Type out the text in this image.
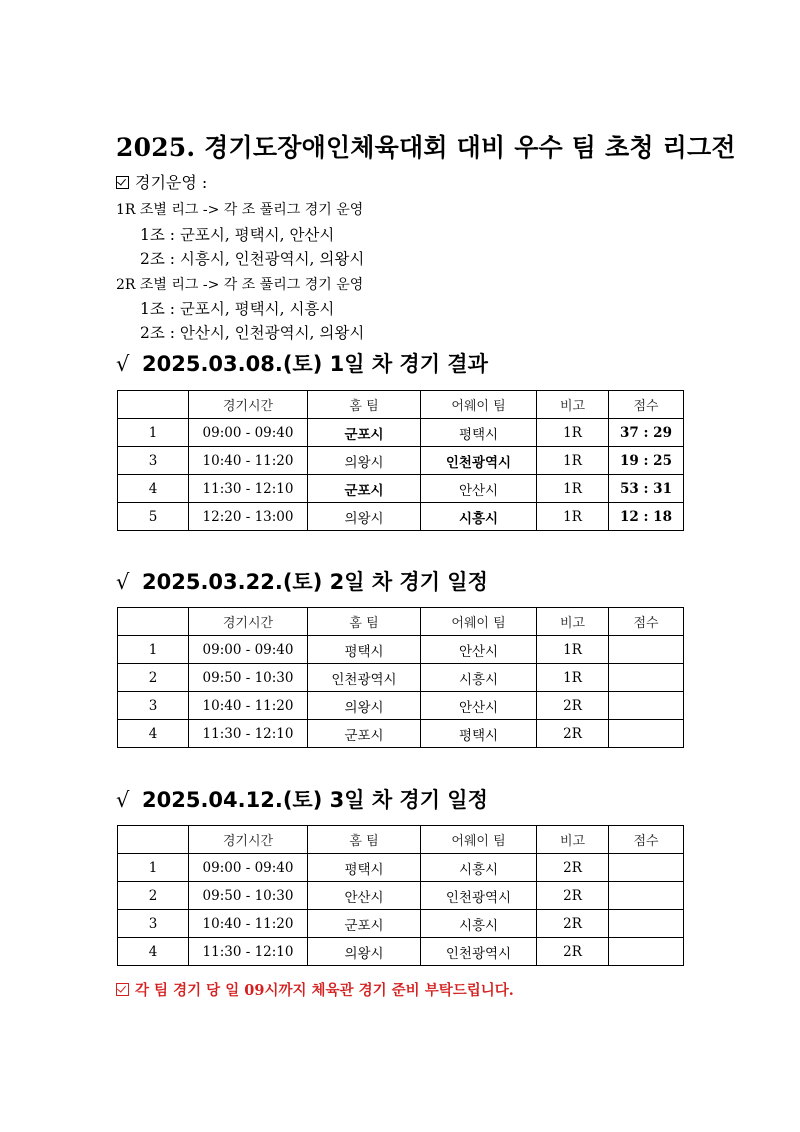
2025. 경기도장애인체육대회 대비 우수 팀 초청 리그전
경기운영 :
1R 조별 리그 -> 각 조 풀리그 경기 운영
1조 : 군포시, 평택시, 안산시
2조 : 시흥시, 인천광역시, 의왕시
2R 조별 리그 -> 각 조 풀리그 경기 운영
1조 : 군포시, 평택시, 시흥시
2조 : 안산시, 인천광역시, 의왕시
√ 2025.03.08.(토) 1일 차 경기 결과
	경기시간	홈 팀	어웨이 팀	비고	점수
1	09:00 - 09:40	군포시	평택시	1R	37 : 29
3	10:40 - 11:20	의왕시	인천광역시	1R	19 : 25
4	11:30 - 12:10	군포시	안산시	1R	53 : 31
5	12:20 - 13:00	의왕시	시흥시	1R	12 : 18
√ 2025.03.22.(토) 2일 차 경기 일정
	경기시간	홈 팀	어웨이 팀	비고	점수
1	09:00 - 09:40	평택시	안산시	1R	
2	09:50 - 10:30	인천광역시	시흥시	1R	
3	10:40 - 11:20	의왕시	안산시	2R	
4	11:30 - 12:10	군포시	평택시	2R	
√ 2025.04.12.(토) 3일 차 경기 일정
	경기시간	홈 팀	어웨이 팀	비고	점수
1	09:00 - 09:40	평택시	시흥시	2R	
2	09:50 - 10:30	안산시	인천광역시	2R	
3	10:40 - 11:20	군포시	시흥시	2R	
4	11:30 - 12:10	의왕시	인천광역시	2R	
각 팀 경기 당 일 09시까지 체육관 경기 준비 부탁드립니다.
